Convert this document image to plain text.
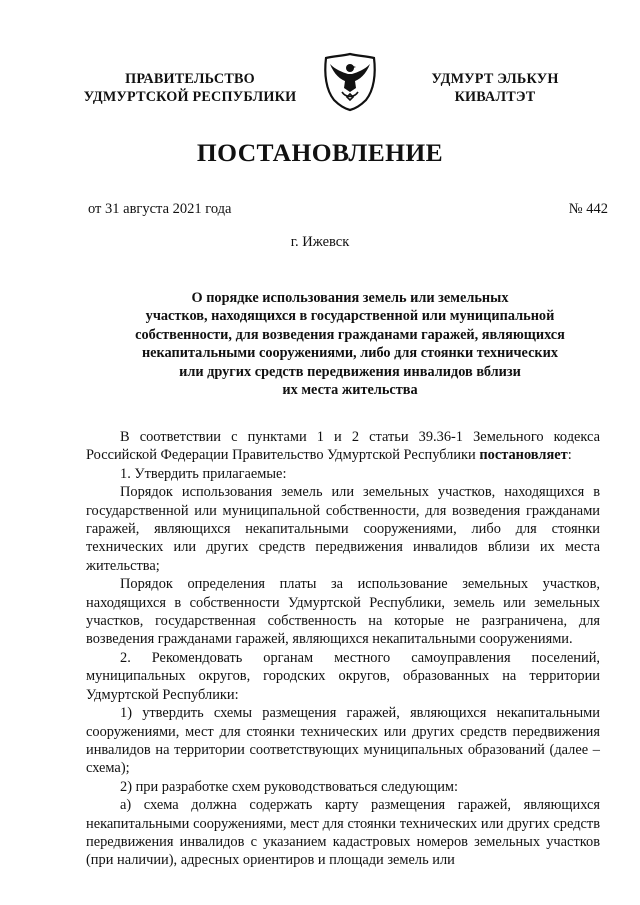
ПРАВИТЕЛЬСТВО
УДМУРТСКОЙ РЕСПУБЛИКИ
УДМУРТ ЭЛЬКУН
КИВАЛТЭТ
ПОСТАНОВЛЕНИЕ
от 31 августа 2021 года	№ 442
г. Ижевск
О порядке использования земель или земельных
участков, находящихся в государственной или муниципальной
собственности, для возведения гражданами гаражей, являющихся
некапитальными сооружениями, либо для стоянки технических
или других средств передвижения инвалидов вблизи
их места жительства

В соответствии с пунктами 1 и 2 статьи 39.36-1 Земельного кодекса Российской Федерации Правительство Удмуртской Республики постановляет:

1. Утвердить прилагаемые:

Порядок использования земель или земельных участков, находящихся в государственной или муниципальной собственности, для возведения гражданами гаражей, являющихся некапитальными сооружениями, либо для стоянки технических или других средств передвижения инвалидов вблизи их места жительства;

Порядок определения платы за использование земельных участков, находящихся в собственности Удмуртской Республики, земель или земельных участков, государственная собственность на которые не разграничена, для возведения гражданами гаражей, являющихся некапитальными сооружениями.

2. Рекомендовать органам местного самоуправления поселений, муниципальных округов, городских округов, образованных на территории Удмуртской Республики:

1) утвердить схемы размещения гаражей, являющихся некапитальными сооружениями, мест для стоянки технических или других средств передвижения инвалидов на территории соответствующих муниципальных образований (далее – схема);

2) при разработке схем руководствоваться следующим:

а) схема должна содержать карту размещения гаражей, являющихся некапитальными сооружениями, мест для стоянки технических или других средств передвижения инвалидов с указанием кадастровых номеров земельных участков (при наличии), адресных ориентиров и площади земель или
